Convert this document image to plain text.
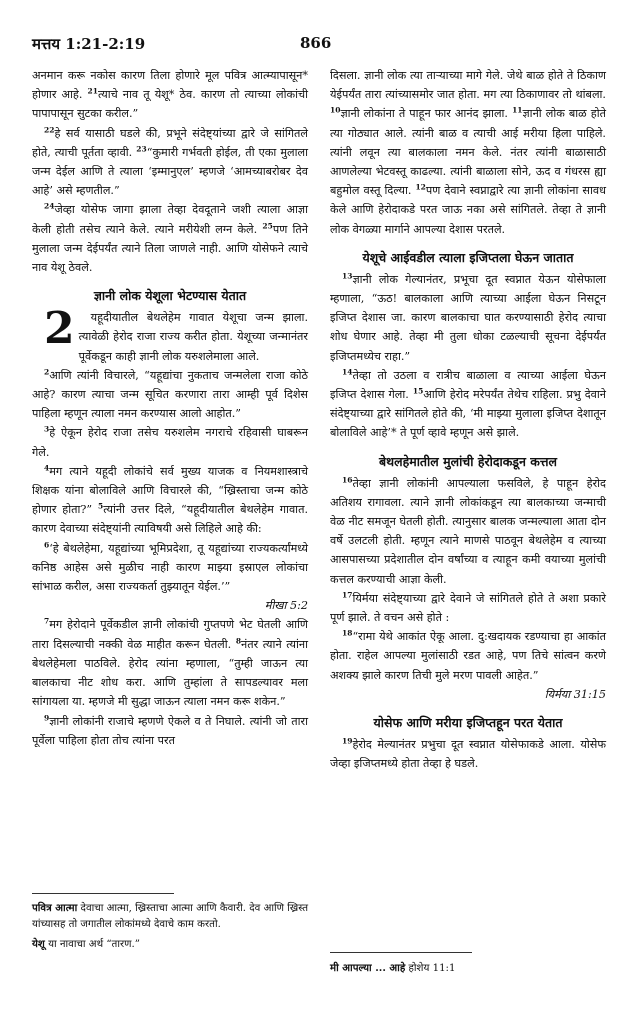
मत्तय 1:21-2:19	866

अनमान करू नकोस कारण तिला होणारे मूल पवित्र आत्म्यापासून* होणार आहे. $^{21}$त्याचे नाव तू येशू* ठेव. कारण तो त्याच्या लोकांची पापापासून सुटका करील.”

$^{22}$हे सर्व यासाठी घडले की, प्रभूने संदेष्ट्यांच्या द्वारे जे सांगितले होते, त्याची पूर्तता व्हावी. $^{23}$“कुमारी गर्भवती होईल, ती एका मुलाला जन्म देईल आणि ते त्याला ‘इम्मानुएल’ म्हणजे ‘आमच्याबरोबर देव आहे’ असे म्हणतील.”

$^{24}$जेव्हा योसेफ जागा झाला तेव्हा देवदूताने जशी त्याला आज्ञा केली होती तसेच त्याने केले. त्याने मरीयेशी लग्न केले. $^{25}$पण तिने मुलाला जन्म देईपर्यंत त्याने तिला जाणले नाही. आणि योसेफने त्याचे नाव येशू ठेवले.

ज्ञानी लोक येशूला भेटण्यास येतात

2 यहूदीयातील बेथलेहेम गावात येशूचा जन्म झाला. त्यावेळी हेरोद राजा राज्य करीत होता. येशूच्या जन्मानंतर पूर्वेकडून काही ज्ञानी लोक यरुशलेमाला आले.

$^2$आणि त्यांनी विचारले, “यहूद्यांचा नुकताच जन्मलेला राजा कोठे आहे? कारण त्याचा जन्म सूचित करणारा तारा आम्ही पूर्व दिशेस पाहिला म्हणून त्याला नमन करण्यास आलो आहोत.”

$^3$हे ऐकून हेरोद राजा तसेच यरुशलेम नगराचे रहिवासी घाबरून गेले.

$^4$मग त्याने यहूदी लोकांचे सर्व मुख्य याजक व नियमशास्त्राचे शिक्षक यांना बोलाविले आणि विचारले की, “ख्रिस्ताचा जन्म कोठे होणार होता?” $^5$त्यांनी उत्तर दिले, “यहूदीयातील बेथलेहेम गावात. कारण देवाच्या संदेष्ट्यांनी त्याविषयी असे लिहिले आहे की:

$^6$‘हे बेथलेहेमा, यहूद्यांच्या भूमिप्रदेशा, तू यहूद्यांच्या राज्यकर्त्यांमध्ये कनिष्ठ आहेस असे मुळीच नाही कारण माझ्या इस्राएल लोकांचा सांभाळ करील, असा राज्यकर्ता तुझ्यातून येईल.’”

मीखा 5:2

$^7$मग हेरोदाने पूर्वेकडील ज्ञानी लोकांची गुप्तपणे भेट घेतली आणि तारा दिसल्याची नक्की वेळ माहीत करून घेतली. $^8$नंतर त्याने त्यांना बेथलेहेमला पाठविले. हेरोद त्यांना म्हणाला, “तुम्ही जाऊन त्या बालकाचा नीट शोध करा. आणि तुम्हांला ते सापडल्यावर मला सांगायला या. म्हणजे मी सुद्धा जाऊन त्याला नमन करू शकेन.”

$^9$ज्ञानी लोकांनी राजाचे म्हणणे ऐकले व ते निघाले. त्यांनी जो तारा पूर्वेला पाहिला होता तोच त्यांना परत

दिसला. ज्ञानी लोक त्या ताऱ्याच्या मागे गेले. जेथे बाळ होते ते ठिकाण येईपर्यंत तारा त्यांच्यासमोर जात होता. मग त्या ठिकाणावर तो थांबला. $^{10}$ज्ञानी लोकांना ते पाहून फार आनंद झाला. $^{11}$ज्ञानी लोक बाळ होते त्या गोठ्यात आले. त्यांनी बाळ व त्याची आई मरीया हिला पाहिले. त्यांनी लवून त्या बालकाला नमन केले. नंतर त्यांनी बाळासाठी आणलेल्या भेटवस्तू काढल्या. त्यांनी बाळाला सोने, ऊद व गंधरस ह्या बहुमोल वस्तू दिल्या. $^{12}$पण देवाने स्वप्नाद्वारे त्या ज्ञानी लोकांना सावध केले आणि हेरोदाकडे परत जाऊ नका असे सांगितले. तेव्हा ते ज्ञानी लोक वेगळ्या मार्गाने आपल्या देशास परतले.

येशूचे आईवडील त्याला इजिप्तला घेऊन जातात

$^{13}$ज्ञानी लोक गेल्यानंतर, प्रभूचा दूत स्वप्नात येऊन योसेफाला म्हणाला, “ऊठ! बालकाला आणि त्याच्या आईला घेऊन निसटून इजिप्त देशास जा. कारण बालकाचा घात करण्यासाठी हेरोद त्याचा शोध घेणार आहे. तेव्हा मी तुला धोका टळल्याची सूचना देईपर्यंत इजिप्तमध्येच राहा.”

$^{14}$तेव्हा तो उठला व रात्रीच बाळाला व त्याच्या आईला घेऊन इजिप्त देशास गेला. $^{15}$आणि हेरोद मरेपर्यंत तेथेच राहिला. प्रभु देवाने संदेष्ट्याच्या द्वारे सांगितले होते की, ‘मी माझ्या मुलाला इजिप्त देशातून बोलाविले आहे’* ते पूर्ण व्हावे म्हणून असे झाले.

बेथलहेमातील मुलांची हेरोदाकडून कत्तल

$^{16}$तेव्हा ज्ञानी लोकांनी आपल्याला फसविले, हे पाहून हेरोद अतिशय रागावला. त्याने ज्ञानी लोकांकडून त्या बालकाच्या जन्माची वेळ नीट समजून घेतली होती. त्यानुसार बालक जन्मल्याला आता दोन वर्षे उलटली होती. म्हणून त्याने माणसे पाठवून बेथलेहेम व त्याच्या आसपासच्या प्रदेशातील दोन वर्षांच्या व त्याहून कमी वयाच्या मुलांची कत्तल करण्याची आज्ञा केली.

$^{17}$यिर्मया संदेष्ट्याच्या द्वारे देवाने जे सांगितले होते ते अशा प्रकारे पूर्ण झाले. ते वचन असे होते :

$^{18}$“रामा येथे आकांत ऐकू आला. दु:खदायक रडण्याचा हा आकांत होता. राहेल आपल्या मुलांसाठी रडत आहे, पण तिचे सांत्वन करणे अशक्य झाले कारण तिची मुले मरण पावली आहेत.”

यिर्मया 31:15

योसेफ आणि मरीया इजिप्तहून परत येतात

$^{19}$हेरोद मेल्यानंतर प्रभुचा दूत स्वप्नात योसेफाकडे आला. योसेफ जेव्हा इजिप्तमध्ये होता तेव्हा हे घडले.

पवित्र आत्मा देवाचा आत्मा, ख्रिस्ताचा आत्मा आणि कैवारी. देव आणि ख्रिस्त यांच्यासह तो जगातील लोकांमध्ये देवाचे काम करतो.

येशू या नावाचा अर्थ “तारण.”

मी आपल्या ... आहे होशेय 11:1
